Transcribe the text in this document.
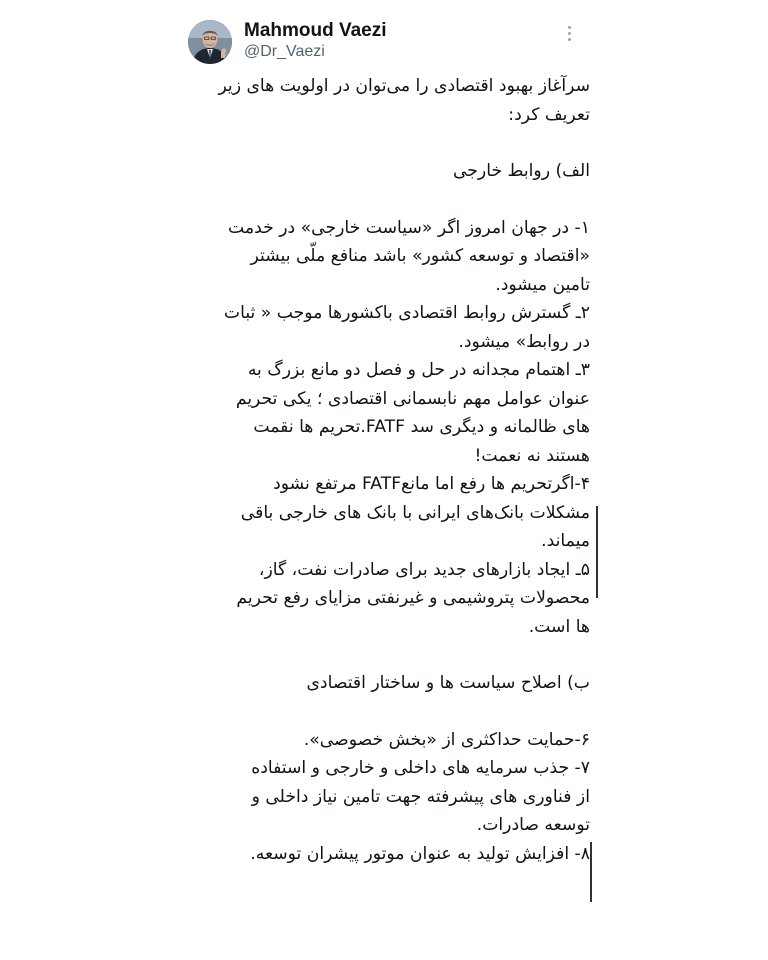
Mahmoud Vaezi
@Dr_Vaezi
سرآغاز بهبود اقتصادی را می‌توان در اولویت های زیر
تعریف کرد:
الف) روابط خارجی
۱- در جهان امروز اگر «سیاست خارجی» در خدمت
«اقتصاد و توسعه کشور» باشد منافع ملّی بیشتر
تامین میشود.
۲ـ گسترش روابط اقتصادی باکشورها موجب « ثبات
در روابط» میشود.
۳ـ اهتمام مجدانه در حل و فصل دو مانع بزرگ به
عنوان عوامل مهم نابسمانی اقتصادی ؛ یکی تحریم
های ظالمانه و دیگری سد FATF.تحریم ها نقمت
هستند نه نعمت!
۴-اگرتحریم ها رفع اما مانعFATF مرتفع نشود
مشکلات بانک‌های ایرانی با بانک های خارجی باقی
میماند.
۵ـ ایجاد بازارهای جدید برای صادرات نفت، گاز،
محصولات پتروشیمی و غیرنفتی مزایای رفع تحریم
ها است.
ب) اصلاح سیاست ها و ساختار اقتصادی
۶-حمایت حداکثری از «بخش خصوصی».
۷- جذب سرمایه های داخلی و خارجی و استفاده
از فناوری های پیشرفته جهت تامین نیاز داخلی و
توسعه صادرات.
۸- افزایش تولید به عنوان موتور پیشران توسعه.
